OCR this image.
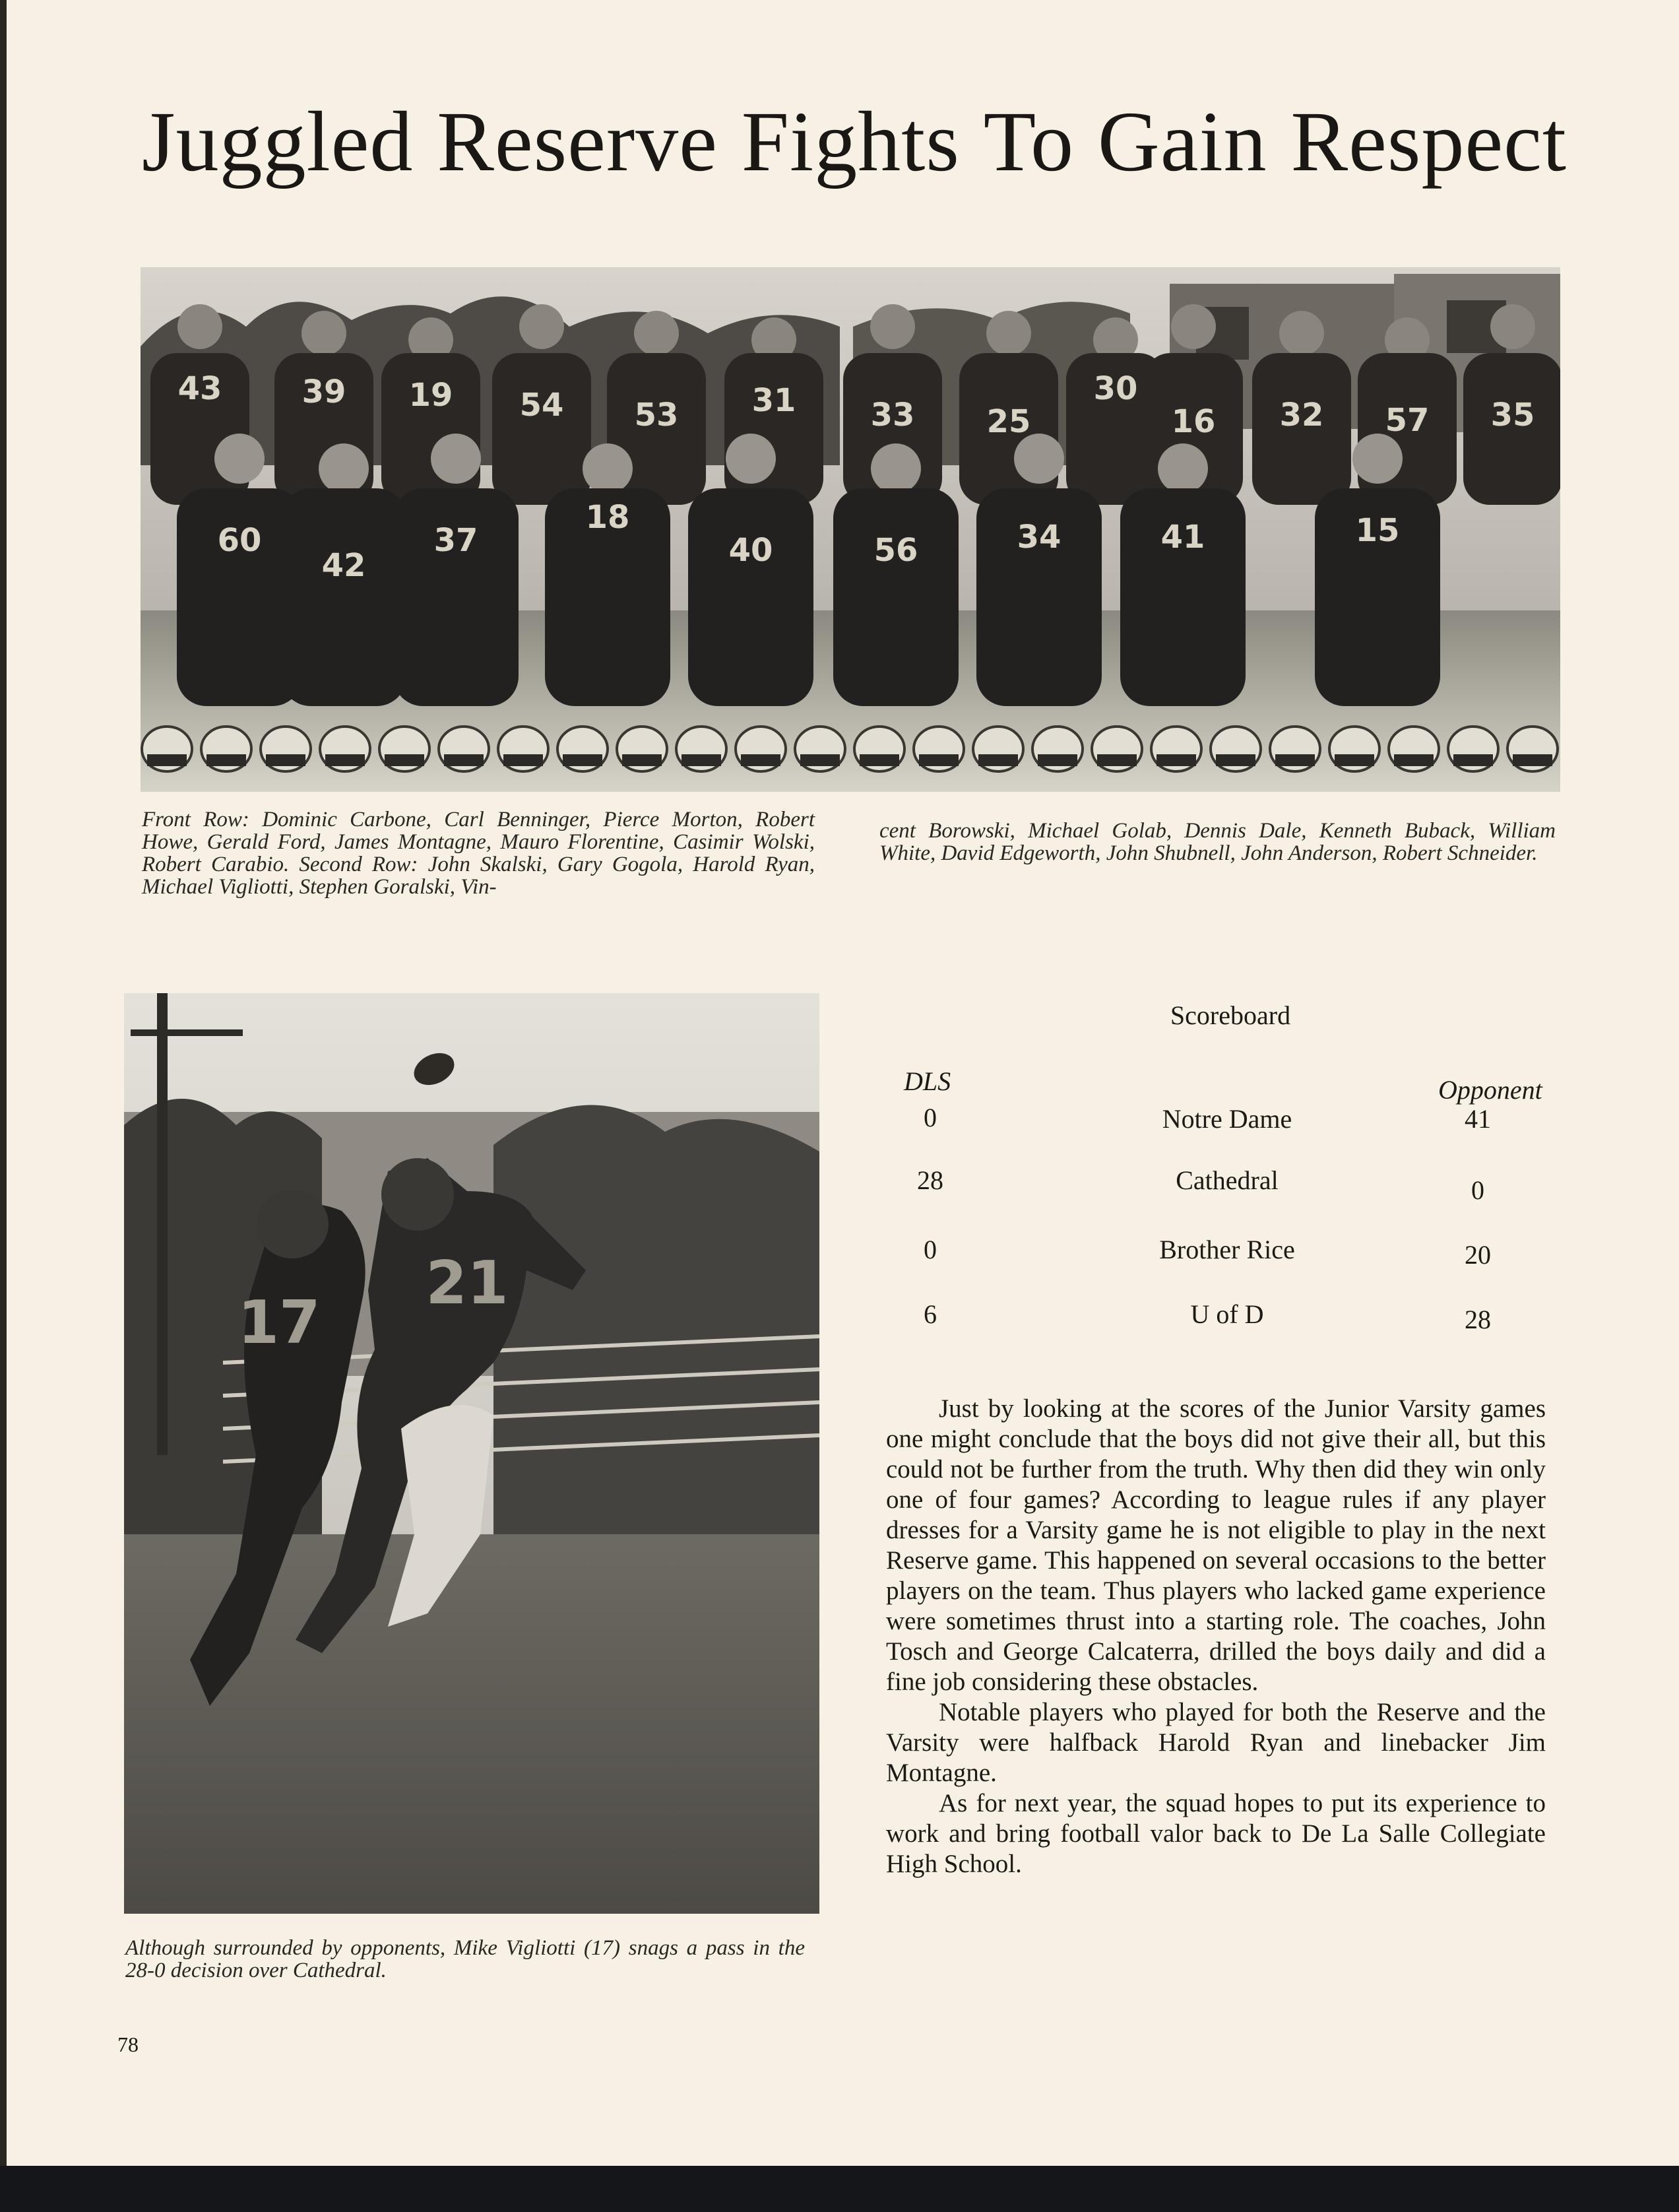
Juggled Reserve Fights To Gain Respect
43	39 19 54 53 31 33 25
30
16 32 57 35
60
42
37
18
40	56	34	41	15
Front Row: Dominic Carbone, Carl Benninger, Pierce Morton, Robert Howe, Gerald Ford, James Montagne, Mauro Florentine, Casimir Wolski, Robert Carabio. Second Row: John Skalski, Gary Gogola, Harold Ryan, Michael Vigliotti, Stephen Goralski, Vin-
cent Borowski, Michael Golab, Dennis Dale, Kenneth Buback, William White, David Edgeworth, John Shubnell, John Anderson, Robert Schneider.
17
21
Although surrounded by opponents, Mike Vigliotti (17) snags a pass in the 28-0 decision over Cathedral.
Scoreboard
DLS	Opponent
0	Notre Dame	41
28	Cathedral	0
0	Brother Rice	20
6	U of D	28

Just by looking at the scores of the Junior Varsity games one might conclude that the boys did not give their all, but this could not be further from the truth. Why then did they win only one of four games? According to league rules if any player dresses for a Varsity game he is not eligible to play in the next Reserve game. This happened on several occasions to the better players on the team. Thus players who lacked game experience were sometimes thrust into a starting role. The coaches, John Tosch and George Calcaterra, drilled the boys daily and did a fine job considering these obstacles.

Notable players who played for both the Reserve and the Varsity were halfback Harold Ryan and linebacker Jim Montagne.

As for next year, the squad hopes to put its experience to work and bring football valor back to De La Salle Collegiate High School.

78
